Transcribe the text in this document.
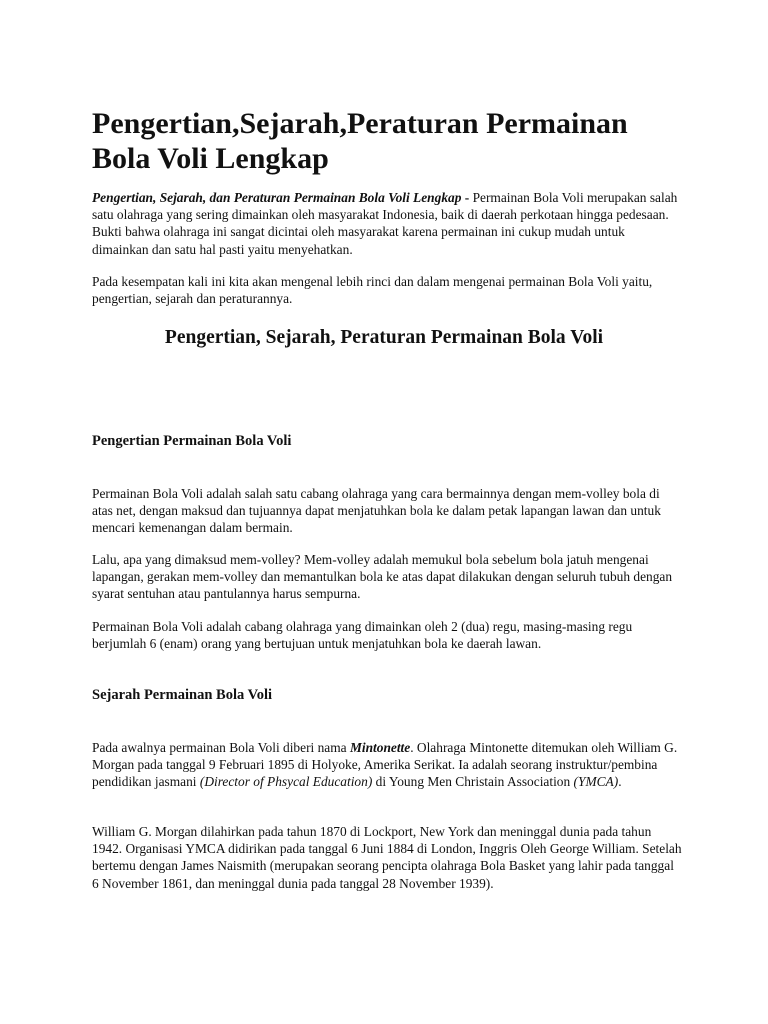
Pengertian,Sejarah,Peraturan Permainan Bola Voli Lengkap

Pengertian, Sejarah, dan Peraturan Permainan Bola Voli Lengkap - Permainan Bola Voli merupakan salah satu olahraga yang sering dimainkan oleh masyarakat Indonesia, baik di daerah perkotaan hingga pedesaan. Bukti bahwa olahraga ini sangat dicintai oleh masyarakat karena permainan ini cukup mudah untuk dimainkan dan satu hal pasti yaitu menyehatkan.

Pada kesempatan kali ini kita akan mengenal lebih rinci dan dalam mengenai permainan Bola Voli yaitu, pengertian, sejarah dan peraturannya.

Pengertian, Sejarah, Peraturan Permainan Bola Voli
Pengertian Permainan Bola Voli

Permainan Bola Voli adalah salah satu cabang olahraga yang cara bermainnya dengan mem-volley bola di atas net, dengan maksud dan tujuannya dapat menjatuhkan bola ke dalam petak lapangan lawan dan untuk mencari kemenangan dalam bermain.

Lalu, apa yang dimaksud mem-volley? Mem-volley adalah memukul bola sebelum bola jatuh mengenai lapangan, gerakan mem-volley dan memantulkan bola ke atas dapat dilakukan dengan seluruh tubuh dengan syarat sentuhan atau pantulannya harus sempurna.

Permainan Bola Voli adalah cabang olahraga yang dimainkan oleh 2 (dua) regu, masing-masing regu berjumlah 6 (enam) orang yang bertujuan untuk menjatuhkan bola ke daerah lawan.

Sejarah Permainan Bola Voli

Pada awalnya permainan Bola Voli diberi nama Mintonette. Olahraga Mintonette ditemukan oleh William G. Morgan pada tanggal 9 Februari 1895 di Holyoke, Amerika Serikat. Ia adalah seorang instruktur/pembina pendidikan jasmani (Director of Phsycal Education) di Young Men Christain Association (YMCA).

William G. Morgan dilahirkan pada tahun 1870 di Lockport, New York dan meninggal dunia pada tahun 1942. Organisasi YMCA didirikan pada tanggal 6 Juni 1884 di London, Inggris Oleh George William. Setelah bertemu dengan James Naismith (merupakan seorang pencipta olahraga Bola Basket yang lahir pada tanggal 6 November 1861, dan meninggal dunia pada tanggal 28 November 1939).
